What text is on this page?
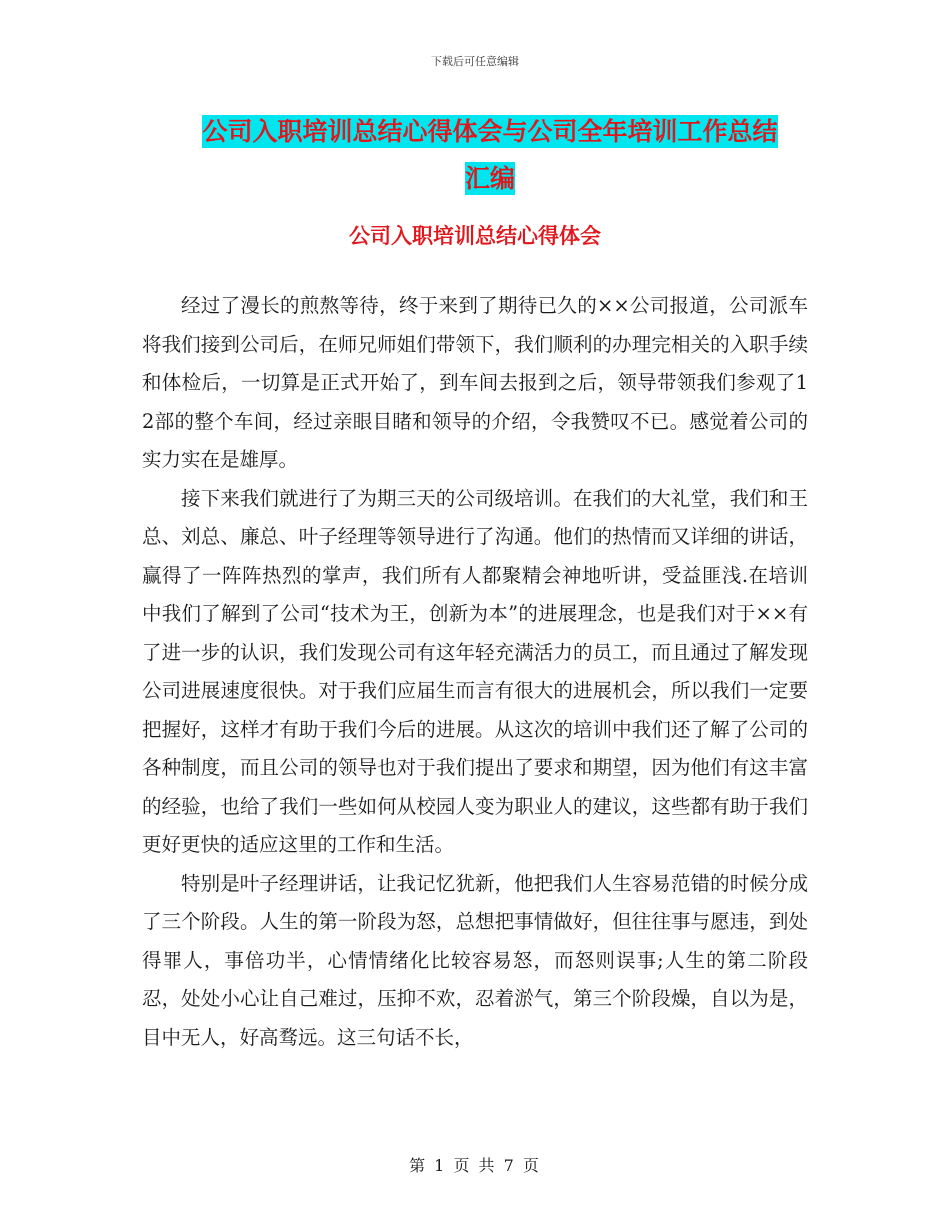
下载后可任意编辑
公司入职培训总结心得体会与公司全年培训工作总结
汇编
公司入职培训总结心得体会

经过了漫长的煎熬等待，终于来到了期待已久的××公司报道，公司派车将我们接到公司后，在师兄师姐们带领下，我们顺利的办理完相关的入职手续和体检后，一切算是正式开始了，到车间去报到之后，领导带领我们参观了12部的整个车间，经过亲眼目睹和领导的介绍，令我赞叹不已。感觉着公司的实力实在是雄厚。

接下来我们就进行了为期三天的公司级培训。在我们的大礼堂，我们和王总、刘总、廉总、叶子经理等领导进行了沟通。他们的热情而又详细的讲话，赢得了一阵阵热烈的掌声，我们所有人都聚精会神地听讲，受益匪浅.在培训中我们了解到了公司“技术为王，创新为本”的进展理念，也是我们对于××有了进一步的认识，我们发现公司有这年轻充满活力的员工，而且通过了解发现公司进展速度很快。对于我们应届生而言有很大的进展机会，所以我们一定要把握好，这样才有助于我们今后的进展。从这次的培训中我们还了解了公司的各种制度，而且公司的领导也对于我们提出了要求和期望，因为他们有这丰富的经验，也给了我们一些如何从校园人变为职业人的建议，这些都有助于我们更好更快的适应这里的工作和生活。

特别是叶子经理讲话，让我记忆犹新，他把我们人生容易范错的时候分成了三个阶段。人生的第一阶段为怒，总想把事情做好，但往往事与愿违，到处得罪人，事倍功半，心情情绪化比较容易怒，而怒则误事;人生的第二阶段忍，处处小心让自己难过，压抑不欢，忍着淤气，第三个阶段燥，自以为是，目中无人，好高骛远。这三句话不长，

第 1 页 共 7 页
